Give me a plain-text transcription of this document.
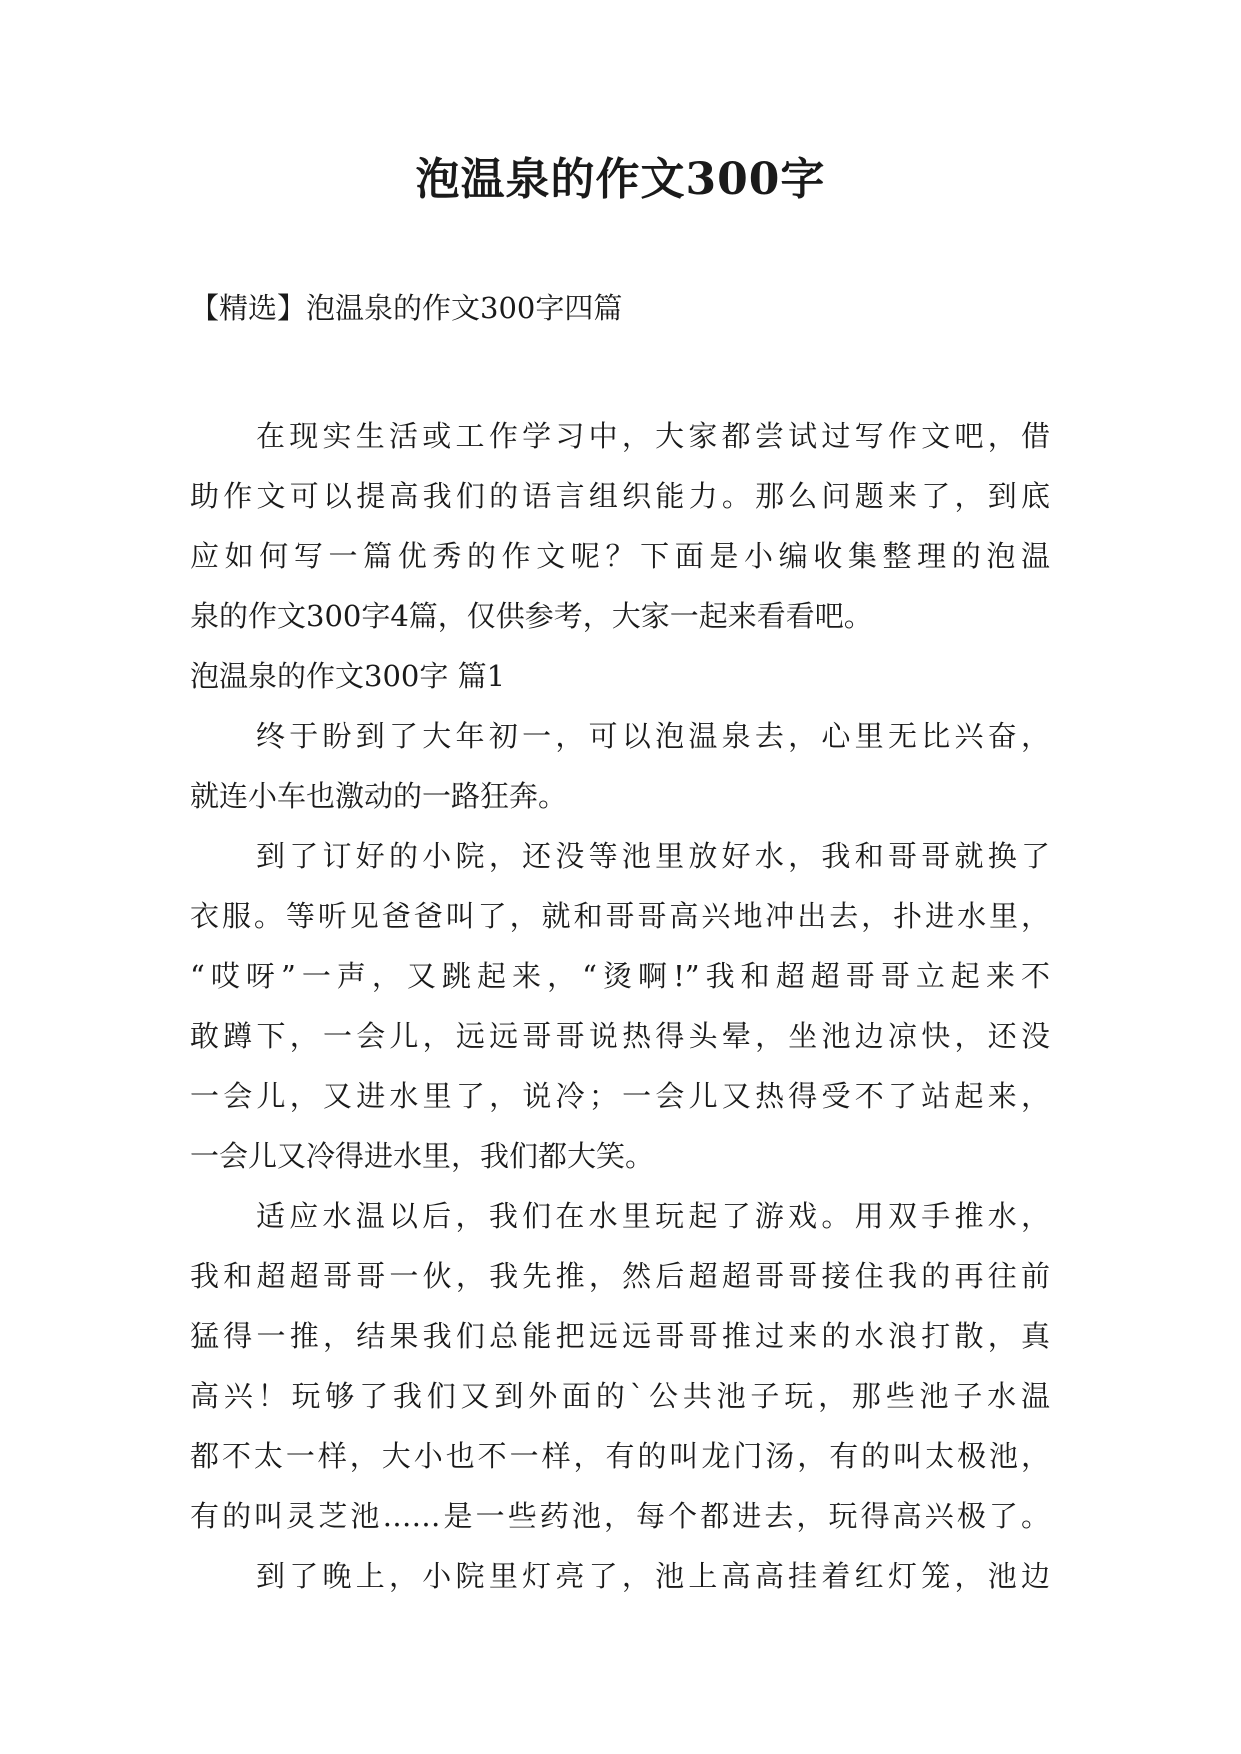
泡温泉的作文300字

【精选】泡温泉的作文300字四篇

在现实生活或工作学习中，大家都尝试过写作文吧，借
助作文可以提高我们的语言组织能力。那么问题来了，到底
应如何写一篇优秀的作文呢？下面是小编收集整理的泡温
泉的作文300字4篇，仅供参考，大家一起来看看吧。
泡温泉的作文300字 篇1
终于盼到了大年初一，可以泡温泉去，心里无比兴奋，
就连小车也激动的一路狂奔。
到了订好的小院，还没等池里放好水，我和哥哥就换了
衣服。等听见爸爸叫了，就和哥哥高兴地冲出去，扑进水里，
“哎呀”一声，又跳起来，“烫啊!”我和超超哥哥立起来不
敢蹲下，一会儿，远远哥哥说热得头晕，坐池边凉快，还没
一会儿，又进水里了，说冷；一会儿又热得受不了站起来，
一会儿又冷得进水里，我们都大笑。
适应水温以后，我们在水里玩起了游戏。用双手推水，
我和超超哥哥一伙，我先推，然后超超哥哥接住我的再往前
猛得一推，结果我们总能把远远哥哥推过来的水浪打散，真
高兴！玩够了我们又到外面的`公共池子玩，那些池子水温
都不太一样，大小也不一样，有的叫龙门汤，有的叫太极池，
有的叫灵芝池……是一些药池，每个都进去，玩得高兴极了。
到了晚上，小院里灯亮了，池上高高挂着红灯笼，池边
